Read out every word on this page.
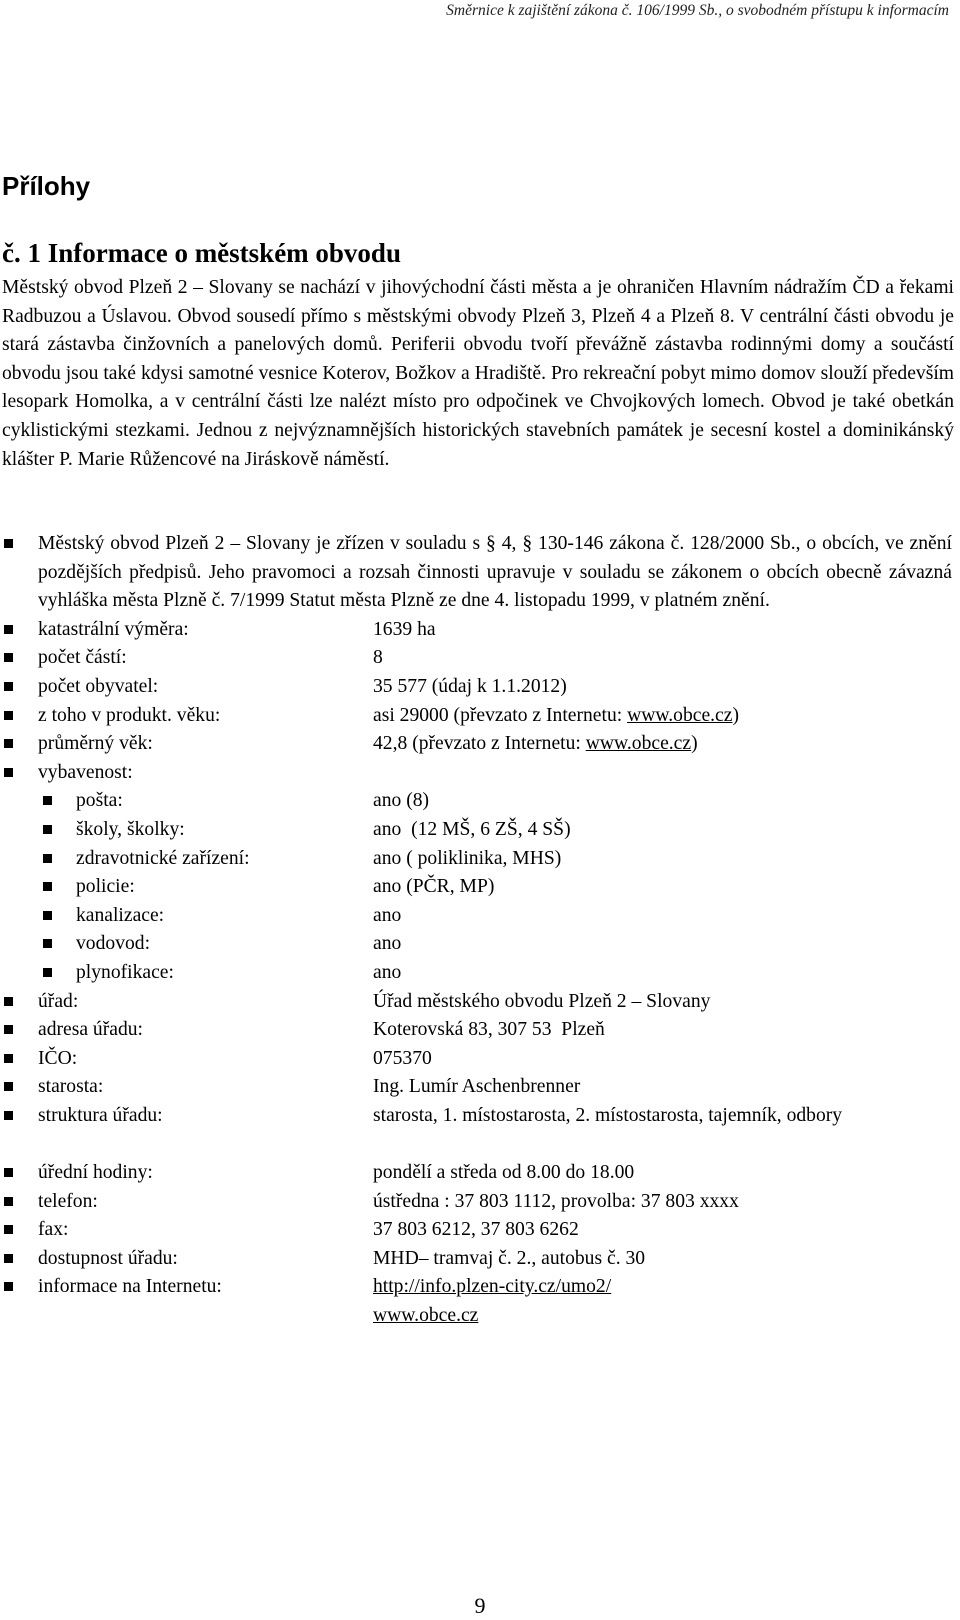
Směrnice k zajištění zákona č. 106/1999 Sb., o svobodném přístupu k informacím
Přílohy
č. 1 Informace o městském obvodu

Městský obvod Plzeň 2 – Slovany se nachází v jihovýchodní části města a je ohraničen Hlavním nádražím ČD a řekami Radbuzou a Úslavou. Obvod sousedí přímo s městskými obvody Plzeň 3, Plzeň 4 a Plzeň 8. V centrální části obvodu je stará zástavba činžovních a panelových domů. Periferii obvodu tvoří převážně zástavba rodinnými domy a součástí obvodu jsou také kdysi samotné vesnice Koterov, Božkov a Hradiště. Pro rekreační pobyt mimo domov slouží především lesopark Homolka, a v centrální části lze nalézt místo pro odpočinek ve Chvojkových lomech. Obvod je také obetkán cyklistickými stezkami. Jednou z nejvýznamnějších historických stavebních památek je secesní kostel a dominikánský klášter P. Marie Růžencové na Jiráskově náměstí.

Městský obvod Plzeň 2 – Slovany je zřízen v souladu s § 4, § 130-146 zákona č. 128/2000 Sb., o obcích, ve znění pozdějších předpisů. Jeho pravomoci a rozsah činnosti upravuje v souladu se zákonem o obcích obecně závazná vyhláška města Plzně č. 7/1999 Statut města Plzně ze dne 4. listopadu 1999, v platném znění.
katastrální výměra:	1639 ha
počet částí:	8
počet obyvatel:	35 577 (údaj k 1.1.2012)
z toho v produkt. věku:	asi 29000 (převzato z Internetu: www.obce.cz)
průměrný věk:	42,8 (převzato z Internetu: www.obce.cz)
vybavenost:
pošta:	ano (8)
školy, školky:	ano  (12 MŠ, 6 ZŠ, 4 SŠ)
zdravotnické zařízení:	ano ( poliklinika, MHS)
policie:	ano (PČR, MP)
kanalizace:	ano
vodovod:	ano
plynofikace:	ano
úřad:	Úřad městského obvodu Plzeň 2 – Slovany
adresa úřadu:	Koterovská 83, 307 53  Plzeň
IČO:	075370
starosta:	Ing. Lumír Aschenbrenner
struktura úřadu:	starosta, 1. místostarosta, 2. místostarosta, tajemník, odbory
úřední hodiny:	pondělí a středa od 8.00 do 18.00
telefon:	ústředna : 37 803 1112, provolba: 37 803 xxxx
fax:	37 803 6212, 37 803 6262
dostupnost úřadu:	MHD– tramvaj č. 2., autobus č. 30
informace na Internetu:	http://info.plzen-city.cz/umo2/
www.obce.cz
9
